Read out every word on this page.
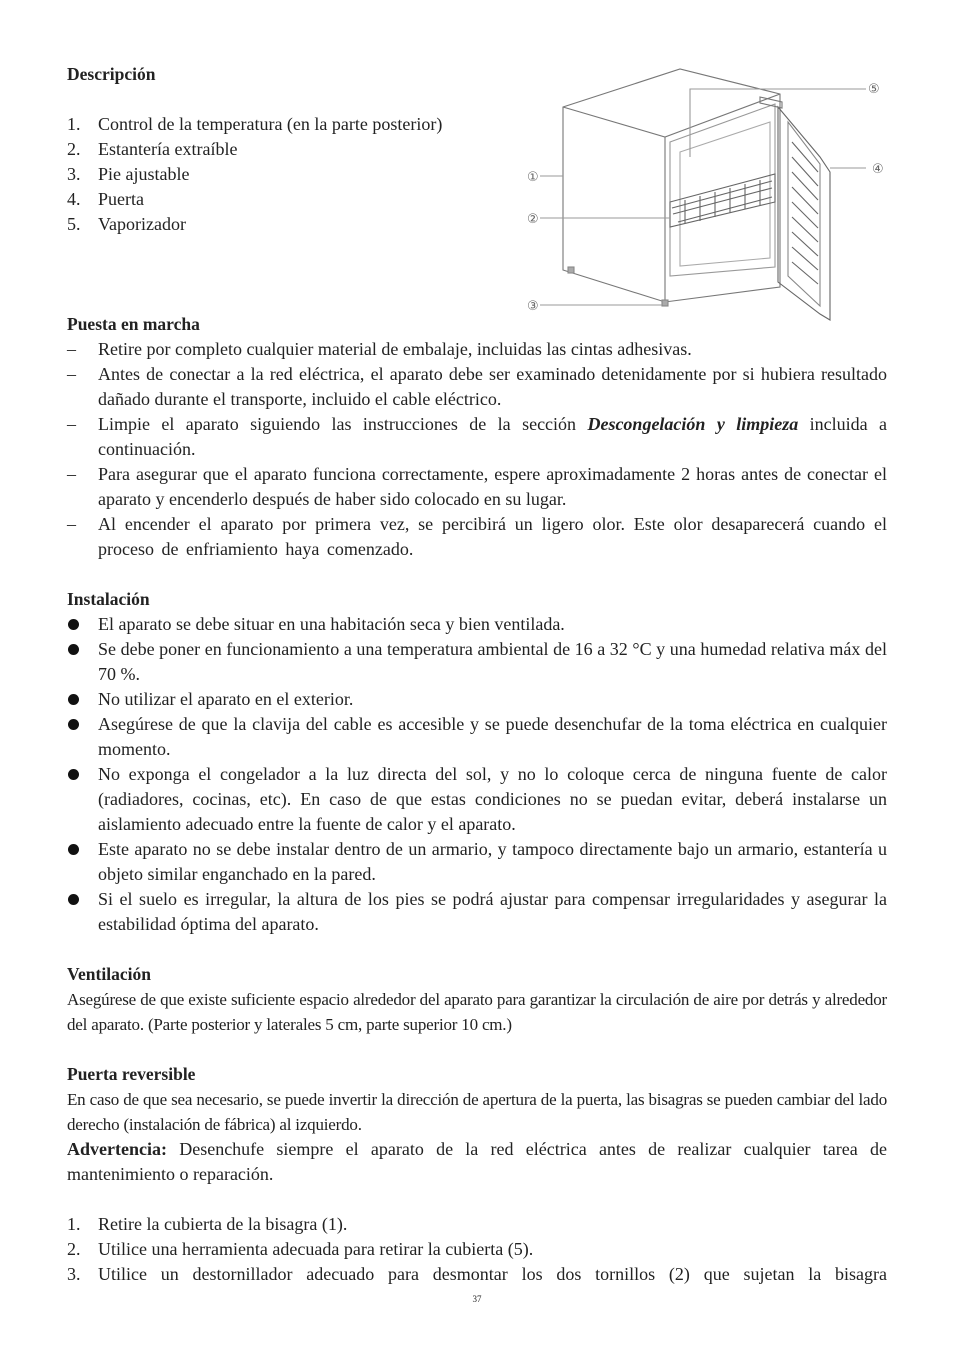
①
②
③
④
⑤
Descripción
1. Control de la temperatura (en la parte posterior)
2. Estantería extraíble
3. Pie ajustable
4. Puerta
5. Vaporizador
Puesta en marcha
– Retire por completo cualquier material de embalaje, incluidas las cintas adhesivas.
– Antes de conectar a la red eléctrica, el aparato debe ser examinado detenidamente por si hubiera resultado dañado durante el transporte, incluido el cable eléctrico.
– Limpie el aparato siguiendo las instrucciones de la sección Descongelación y limpieza incluida a continuación.
– Para asegurar que el aparato funciona correctamente, espere aproximadamente 2 horas antes de conectar el aparato y encenderlo después de haber sido colocado en su lugar.
– Al encender el aparato por primera vez, se percibirá un ligero olor. Este olor desaparecerá cuando el proceso de enfriamiento haya comenzado.
Instalación
El aparato se debe situar en una habitación seca y bien ventilada.
Se debe poner en funcionamiento a una temperatura ambiental de 16 a 32 °C y una humedad relativa máx del 70 %.
No utilizar el aparato en el exterior.
Asegúrese de que la clavija del cable es accesible y se puede desenchufar de la toma eléctrica en cualquier momento.
No exponga el congelador a la luz directa del sol, y no lo coloque cerca de ninguna fuente de calor (radiadores, cocinas, etc). En caso de que estas condiciones no se puedan evitar, deberá instalarse un aislamiento adecuado entre la fuente de calor y el aparato.
Este aparato no se debe instalar dentro de un armario, y tampoco directamente bajo un armario, estantería u objeto similar enganchado en la pared.
Si el suelo es irregular, la altura de los pies se podrá ajustar para compensar irregularidades y asegurar la estabilidad óptima del aparato.
Ventilación

Asegúrese de que existe suficiente espacio alrededor del aparato para garantizar la circulación de aire por detrás y alrededor del aparato. (Parte posterior y laterales 5 cm, parte superior 10 cm.)

Puerta reversible

En caso de que sea necesario, se puede invertir la dirección de apertura de la puerta, las bisagras se pueden cambiar del lado derecho (instalación de fábrica) al izquierdo.

Advertencia: Desenchufe siempre el aparato de la red eléctrica antes de realizar cualquier tarea de mantenimiento o reparación.

1. Retire la cubierta de la bisagra (1).
2. Utilice una herramienta adecuada para retirar la cubierta (5).
3. Utilice un destornillador adecuado para desmontar los dos tornillos (2) que sujetan la bisagra
37
